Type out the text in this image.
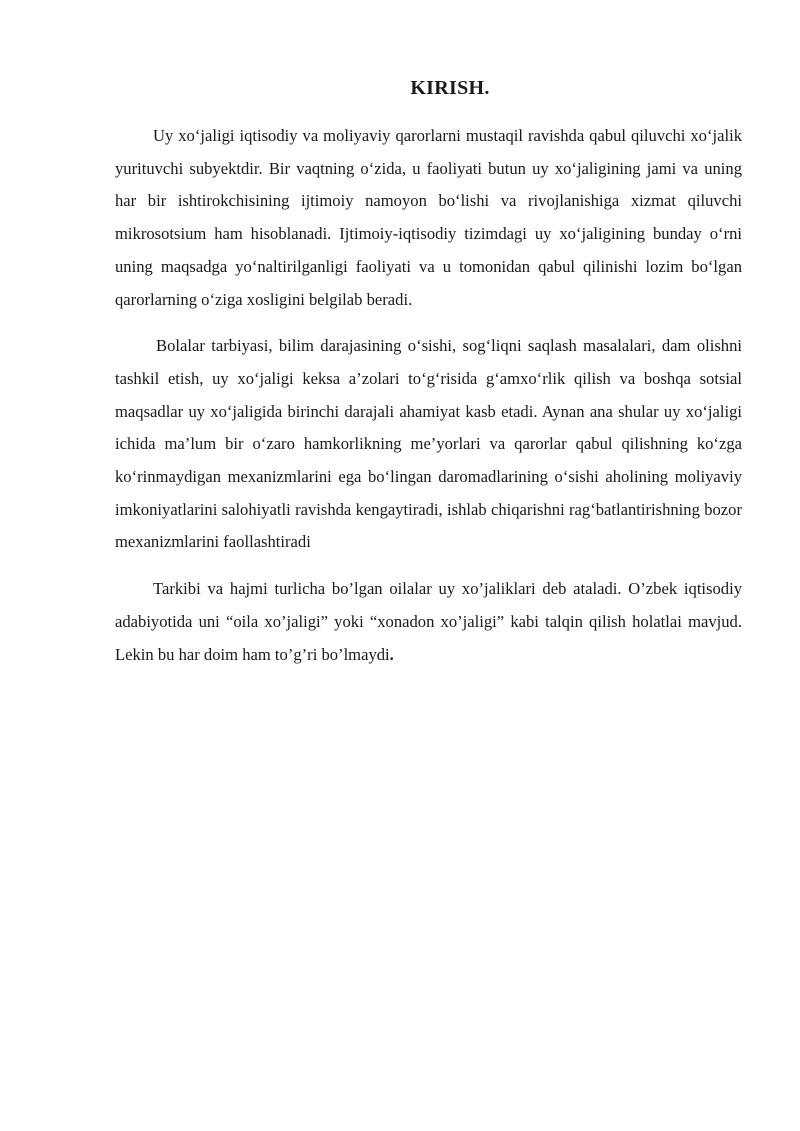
KIRISH.

Uy xo‘jaligi iqtisodiy va moliyaviy qarorlarni mustaqil ravishda qabul qiluvchi xo‘jalik yurituvchi subyektdir. Bir vaqtning o‘zida, u faoliyati butun uy xo‘jaligining jami va uning har bir ishtirokchisining ijtimoiy namoyon bo‘lishi va rivojlanishiga xizmat qiluvchi mikrosotsium ham hisoblanadi. Ijtimoiy-iqtisodiy tizimdagi uy xo‘jaligining bunday o‘rni uning maqsadga yo‘naltirilganligi faoliyati va u tomonidan qabul qilinishi lozim bo‘lgan qarorlarning o‘ziga xosligini belgilab beradi.

Bolalar tarbiyasi, bilim darajasining o‘sishi, sog‘liqni saqlash masalalari, dam olishni tashkil etish, uy xo‘jaligi keksa a’zolari to‘g‘risida g‘amxo‘rlik qilish va boshqa sotsial maqsadlar uy xo‘jaligida birinchi darajali ahamiyat kasb etadi. Aynan ana shular uy xo‘jaligi ichida ma’lum bir o‘zaro hamkorlikning me’yorlari va qarorlar qabul qilishning ko‘zga ko‘rinmaydigan mexanizmlarini ega bo‘lingan daromadlarining o‘sishi aholining moliyaviy imkoniyatlarini salohiyatli ravishda kengaytiradi, ishlab chiqarishni rag‘batlantirishning bozor mexanizmlarini faollashtiradi

Tarkibi va hajmi turlicha bo’lgan oilalar uy xo’jaliklari deb ataladi. O’zbek iqtisodiy adabiyotida uni “oila xo’jaligi” yoki “xonadon xo’jaligi” kabi talqin qilish holatlai mavjud. Lekin bu har doim ham to’g’ri bo’lmaydi.
